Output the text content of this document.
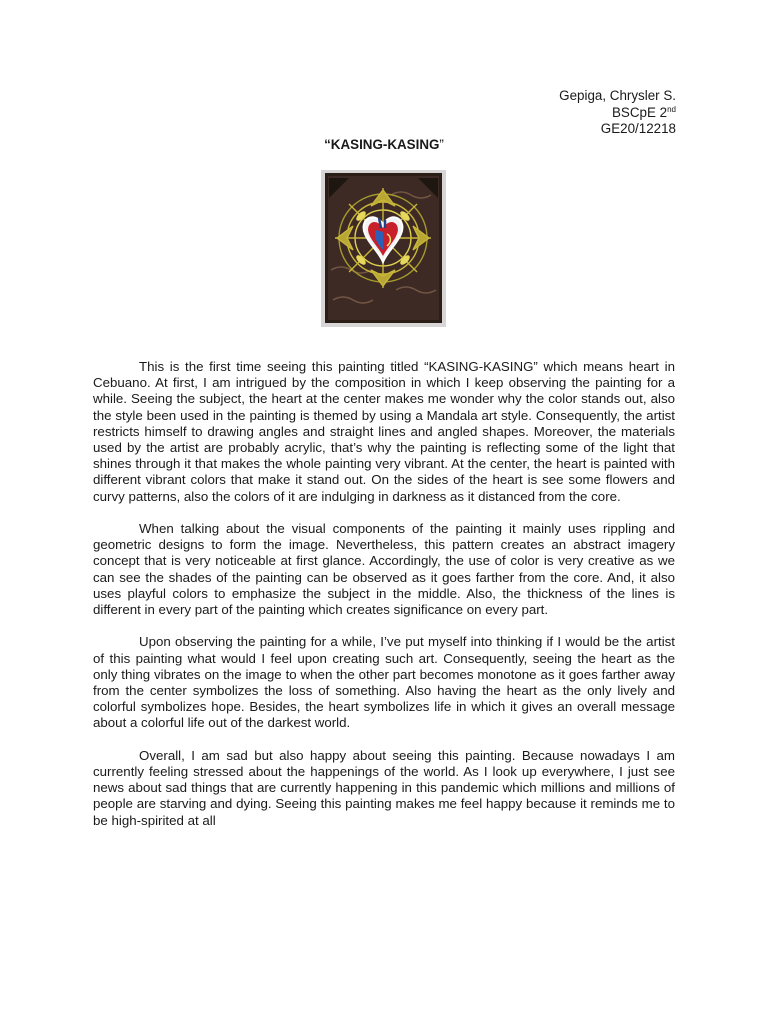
Gepiga, Chrysler S.
BSCpE 2nd
GE20/12218
“KASING-KASING”

This is the first time seeing this painting titled “KASING-KASING” which means heart in Cebuano. At first, I am intrigued by the composition in which I keep observing the painting for a while. Seeing the subject, the heart at the center makes me wonder why the color stands out, also the style been used in the painting is themed by using a Mandala art style. Consequently, the artist restricts himself to drawing angles and straight lines and angled shapes. Moreover, the materials used by the artist are probably acrylic, that’s why the painting is reflecting some of the light that shines through it that makes the whole painting very vibrant. At the center, the heart is painted with different vibrant colors that make it stand out. On the sides of the heart is see some flowers and curvy patterns, also the colors of it are indulging in darkness as it distanced from the core.

When talking about the visual components of the painting it mainly uses rippling and geometric designs to form the image. Nevertheless, this pattern creates an abstract imagery concept that is very noticeable at first glance. Accordingly, the use of color is very creative as we can see the shades of the painting can be observed as it goes farther from the core. And, it also uses playful colors to emphasize the subject in the middle. Also, the thickness of the lines is different in every part of the painting which creates significance on every part.

Upon observing the painting for a while, I’ve put myself into thinking if I would be the artist of this painting what would I feel upon creating such art. Consequently, seeing the heart as the only thing vibrates on the image to when the other part becomes monotone as it goes farther away from the center symbolizes the loss of something. Also having the heart as the only lively and colorful symbolizes hope. Besides, the heart symbolizes life in which it gives an overall message about a colorful life out of the darkest world.

Overall, I am sad but also happy about seeing this painting. Because nowadays I am currently feeling stressed about the happenings of the world. As I look up everywhere, I just see news about sad things that are currently happening in this pandemic which millions and millions of people are starving and dying. Seeing this painting makes me feel happy because it reminds me to be high-spirited at all
